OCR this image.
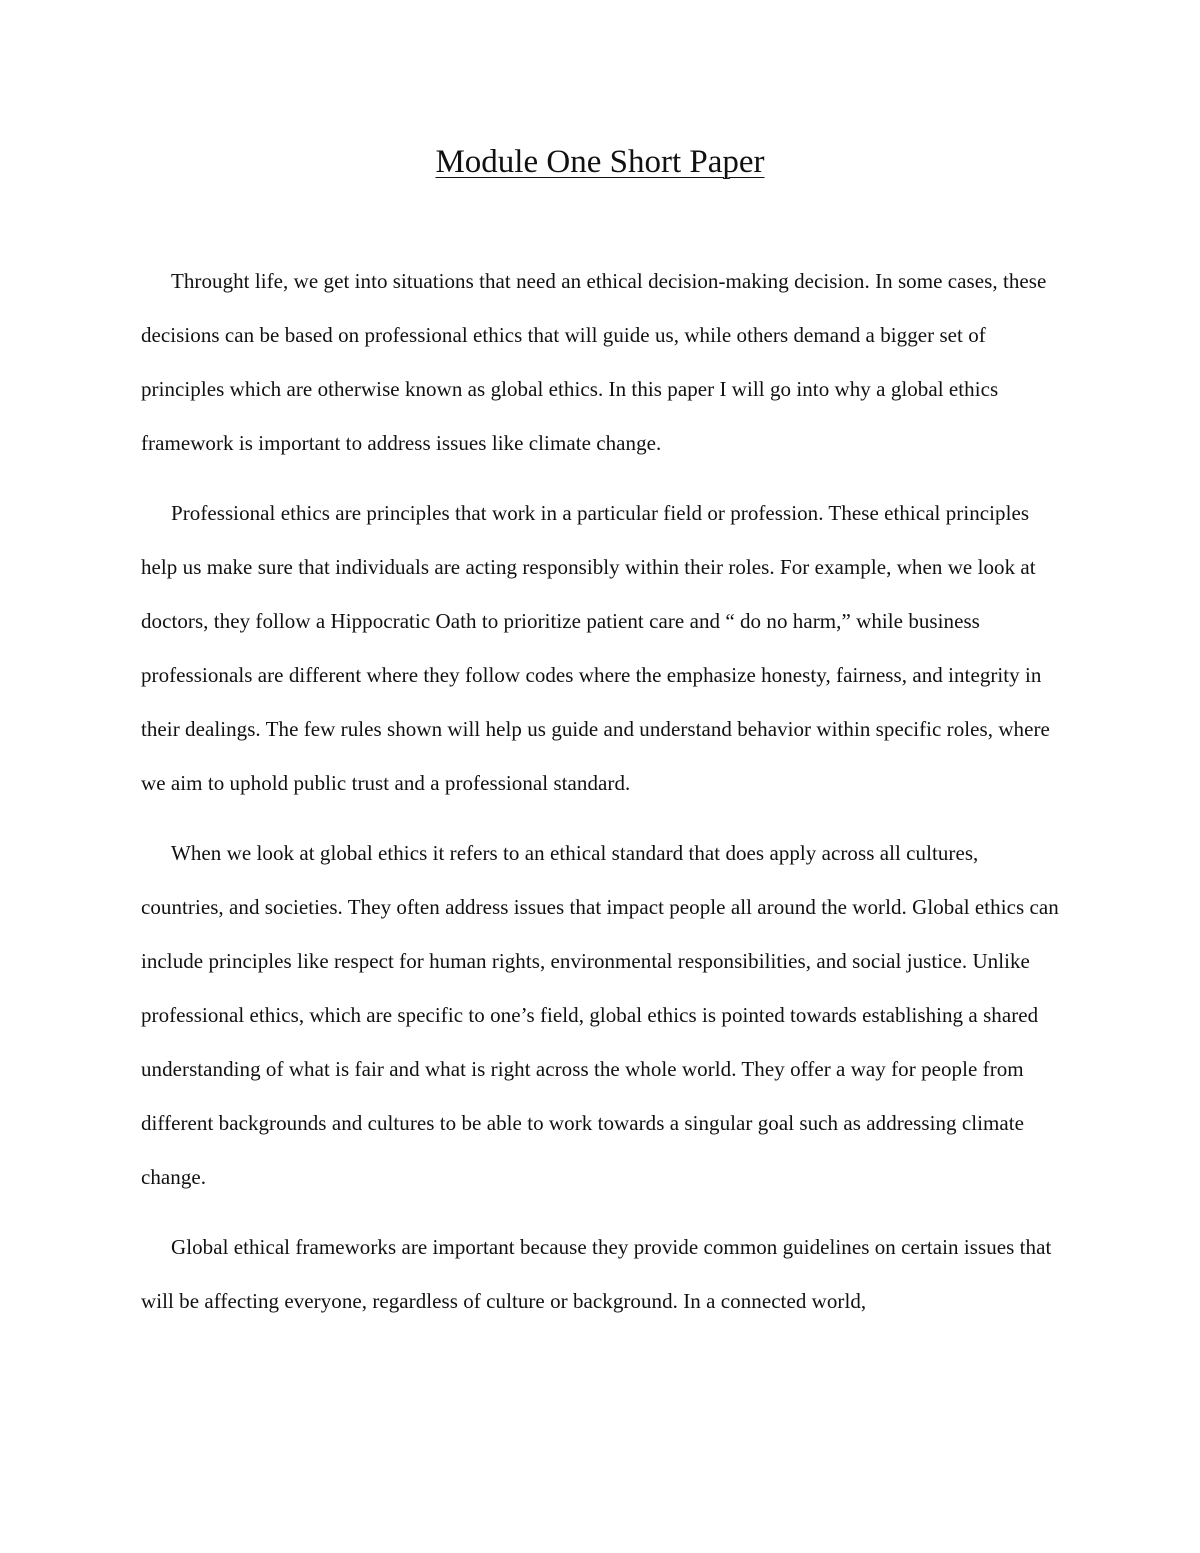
Module One Short Paper

Throught life, we get into situations that need an ethical decision-making decision. In some cases, these decisions can be based on professional ethics that will guide us, while others demand a bigger set of principles which are otherwise known as global ethics. In this paper I will go into why a global ethics framework is important to address issues like climate change.

Professional ethics are principles that work in a particular field or profession. These ethical principles help us make sure that individuals are acting responsibly within their roles. For example, when we look at doctors, they follow a Hippocratic Oath to prioritize patient care and “ do no harm,” while business professionals are different where they follow codes where the emphasize honesty, fairness, and integrity in their dealings. The few rules shown will help us guide and understand behavior within specific roles, where we aim to uphold public trust and a professional standard.

When we look at global ethics it refers to an ethical standard that does apply across all cultures, countries, and societies. They often address issues that impact people all around the world. Global ethics can include principles like respect for human rights, environmental responsibilities, and social justice. Unlike professional ethics, which are specific to one’s field, global ethics is pointed towards establishing a shared understanding of what is fair and what is right across the whole world. They offer a way for people from different backgrounds and cultures to be able to work towards a singular goal such as addressing climate change.

Global ethical frameworks are important because they provide common guidelines on certain issues that will be affecting everyone, regardless of culture or background. In a connected world,
